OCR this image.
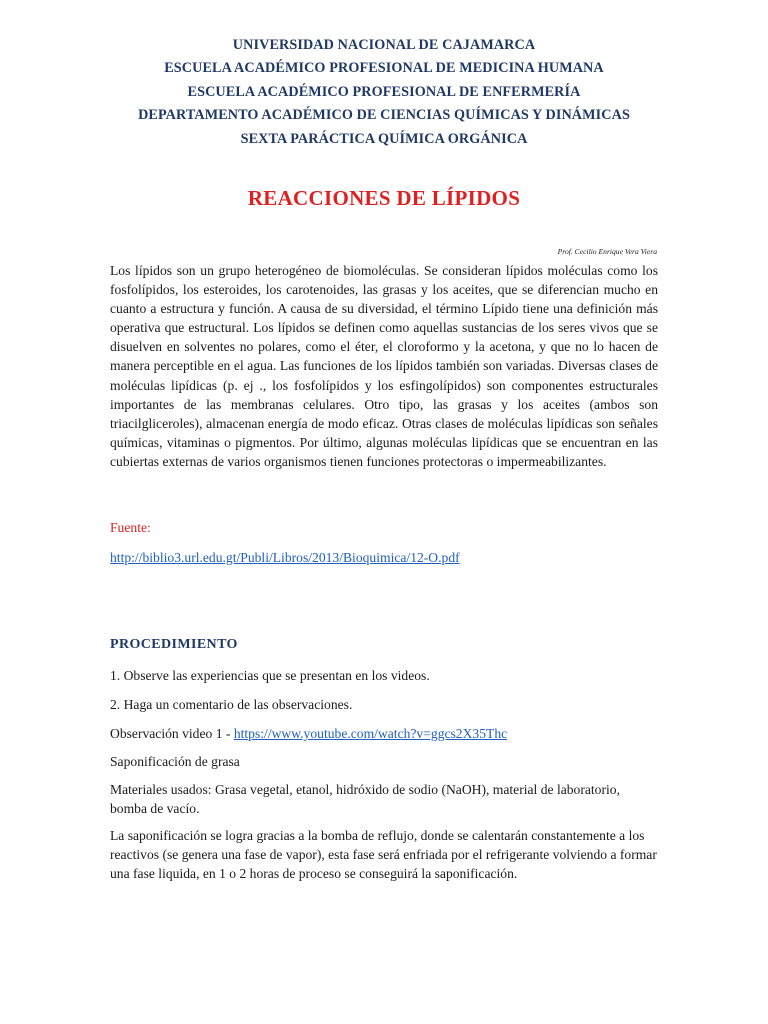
UNIVERSIDAD NACIONAL DE CAJAMARCA
ESCUELA ACADÉMICO PROFESIONAL DE MEDICINA HUMANA
ESCUELA ACADÉMICO PROFESIONAL DE ENFERMERÍA
DEPARTAMENTO ACADÉMICO DE CIENCIAS QUÍMICAS Y DINÁMICAS
SEXTA PARÁCTICA QUÍMICA ORGÁNICA
REACCIONES DE LÍPIDOS
Prof. Cecilio Enrique Vera Viera
Los lípidos son un grupo heterogéneo de biomoléculas. Se consideran lípidos moléculas como los fosfolípidos, los esteroides, los carotenoides, las grasas y los aceites, que se diferencian mucho en cuanto a estructura y función. A causa de su diversidad, el término Lípido tiene una definición más operativa que estructural. Los lípidos se definen como aquellas sustancias de los seres vivos que se disuelven en solventes no polares, como el éter, el cloroformo y la acetona, y que no lo hacen de manera perceptible en el agua. Las funciones de los lípidos también son variadas. Diversas clases de moléculas lipídicas (p. ej ., los fosfolípidos y los esfingolípidos) son componentes estructurales importantes de las membranas celulares. Otro tipo, las grasas y los aceites (ambos son triacilgliceroles), almacenan energía de modo eficaz. Otras clases de moléculas lipídicas son señales químicas, vitaminas o pigmentos. Por último, algunas moléculas lipídicas que se encuentran en las cubiertas externas de varios organismos tienen funciones protectoras o impermeabilizantes.
Fuente:
http://biblio3.url.edu.gt/Publi/Libros/2013/Bioquimica/12-O.pdf
PROCEDIMIENTO
1. Observe las experiencias que se presentan en los videos.
2. Haga un comentario de las observaciones.
Observación video 1 - https://www.youtube.com/watch?v=ggcs2X35Thc
Saponificación de grasa
Materiales usados: Grasa vegetal, etanol, hidróxido de sodio (NaOH), material de laboratorio, bomba de vacío.
La saponificación se logra gracias a la bomba de reflujo, donde se calentarán constantemente a los reactivos (se genera una fase de vapor), esta fase será enfriada por el refrigerante volviendo a formar una fase liquida, en 1 o 2 horas de proceso se conseguirá la saponificación.
